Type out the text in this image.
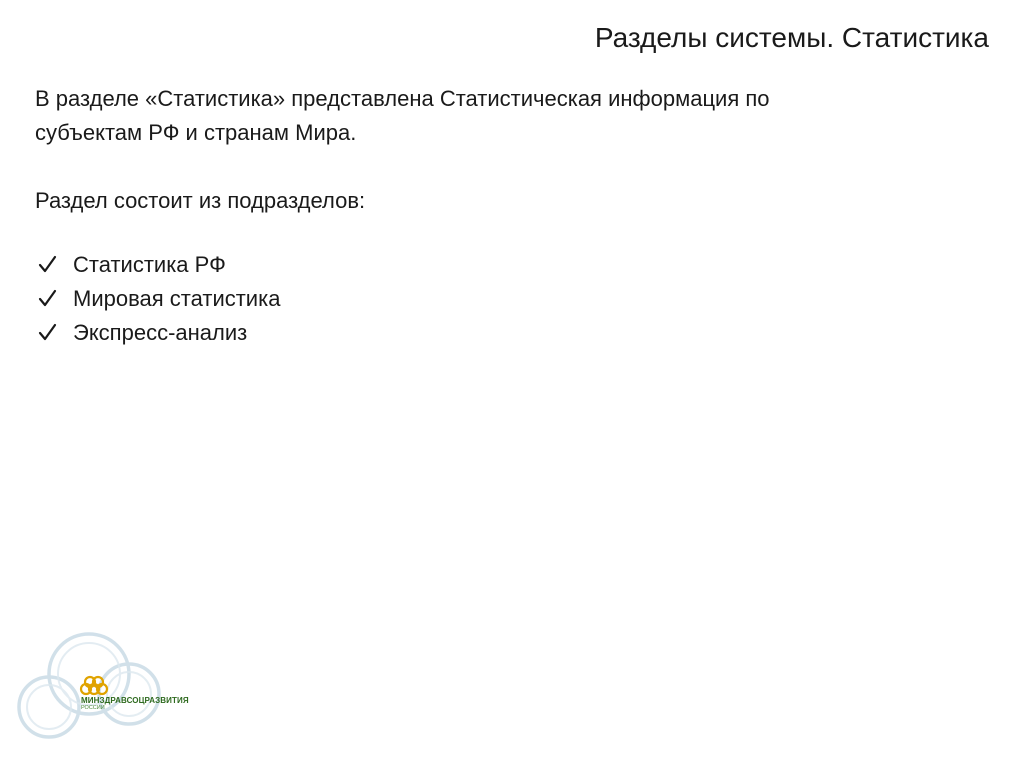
Разделы системы. Статистика

В разделе «Статистика» представлена Статистическая информация по
субъектам РФ и странам Мира.

Раздел состоит из подразделов:

Статистика РФ
Мировая статистика
Экспресс-анализ
МИНЗДРАВСОЦРАЗВИТИЯ
РОССИИ
